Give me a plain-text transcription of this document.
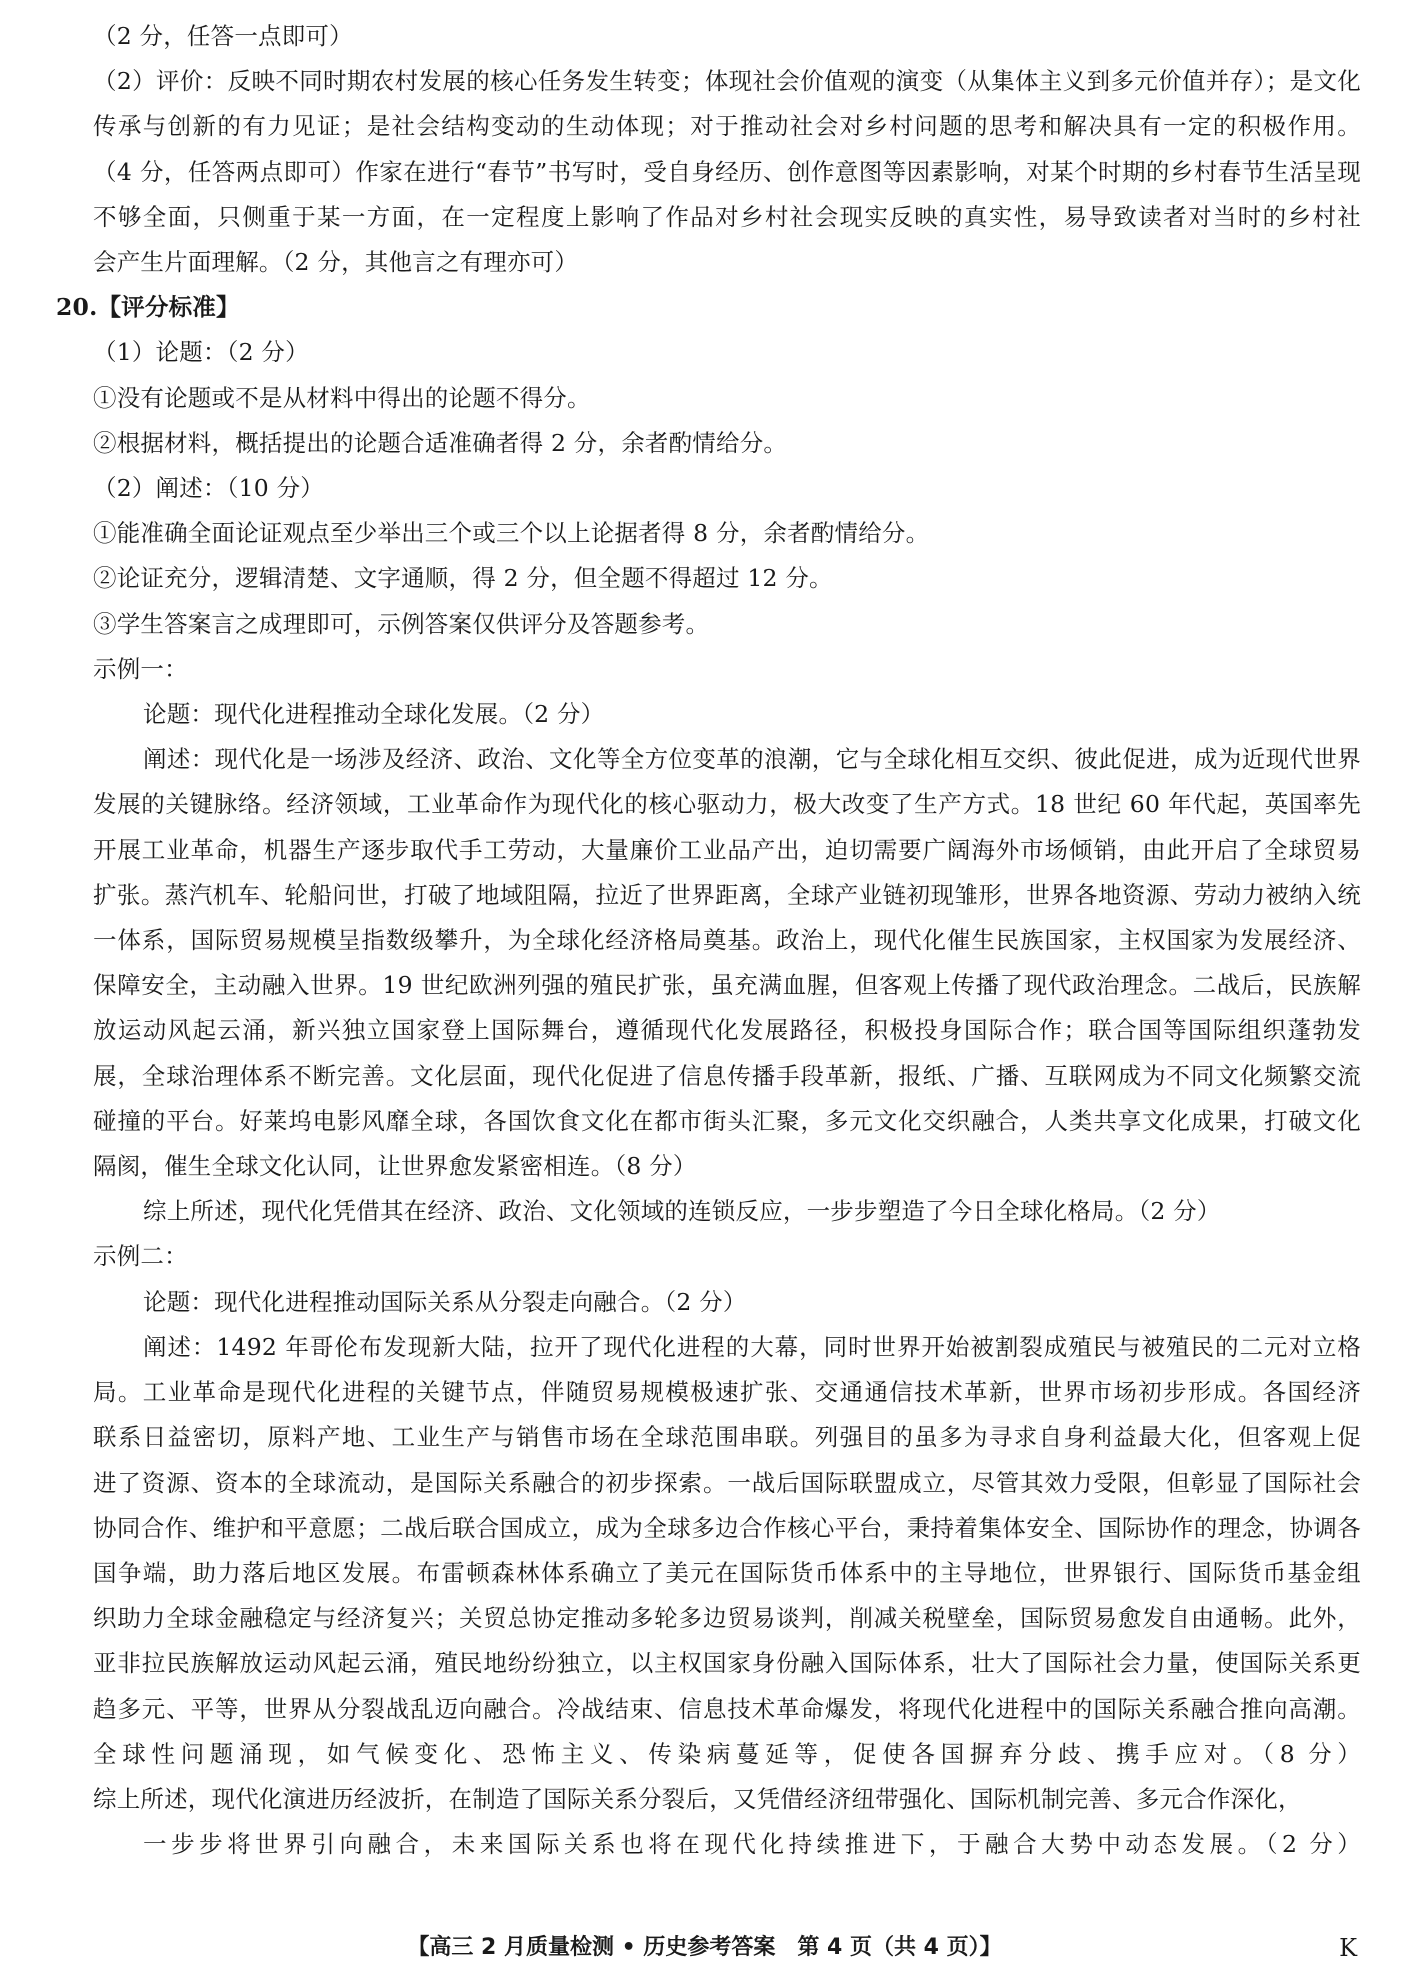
（2 分，任答一点即可）
（2）评价：反映不同时期农村发展的核心任务发生转变；体现社会价值观的演变（从集体主义到多元价值并存）；是文化
传承与创新的有力见证；是社会结构变动的生动体现；对于推动社会对乡村问题的思考和解决具有一定的积极作用。
（4 分，任答两点即可）作家在进行“春节”书写时，受自身经历、创作意图等因素影响，对某个时期的乡村春节生活呈现
不够全面，只侧重于某一方面，在一定程度上影响了作品对乡村社会现实反映的真实性，易导致读者对当时的乡村社
会产生片面理解。（2 分，其他言之有理亦可）
20.【评分标准】
（1）论题：（2 分）
①没有论题或不是从材料中得出的论题不得分。
②根据材料，概括提出的论题合适准确者得 2 分，余者酌情给分。
（2）阐述：（10 分）
①能准确全面论证观点至少举出三个或三个以上论据者得 8 分，余者酌情给分。
②论证充分，逻辑清楚、文字通顺，得 2 分，但全题不得超过 12 分。
③学生答案言之成理即可，示例答案仅供评分及答题参考。
示例一：
论题：现代化进程推动全球化发展。（2 分）
阐述：现代化是一场涉及经济、政治、文化等全方位变革的浪潮，它与全球化相互交织、彼此促进，成为近现代世界
发展的关键脉络。经济领域，工业革命作为现代化的核心驱动力，极大改变了生产方式。18 世纪 60 年代起，英国率先
开展工业革命，机器生产逐步取代手工劳动，大量廉价工业品产出，迫切需要广阔海外市场倾销，由此开启了全球贸易
扩张。蒸汽机车、轮船问世，打破了地域阻隔，拉近了世界距离，全球产业链初现雏形，世界各地资源、劳动力被纳入统
一体系，国际贸易规模呈指数级攀升，为全球化经济格局奠基。政治上，现代化催生民族国家，主权国家为发展经济、
保障安全，主动融入世界。19 世纪欧洲列强的殖民扩张，虽充满血腥，但客观上传播了现代政治理念。二战后，民族解
放运动风起云涌，新兴独立国家登上国际舞台，遵循现代化发展路径，积极投身国际合作；联合国等国际组织蓬勃发
展，全球治理体系不断完善。文化层面，现代化促进了信息传播手段革新，报纸、广播、互联网成为不同文化频繁交流
碰撞的平台。好莱坞电影风靡全球，各国饮食文化在都市街头汇聚，多元文化交织融合，人类共享文化成果，打破文化
隔阂，催生全球文化认同，让世界愈发紧密相连。（8 分）
综上所述，现代化凭借其在经济、政治、文化领域的连锁反应，一步步塑造了今日全球化格局。（2 分）
示例二：
论题：现代化进程推动国际关系从分裂走向融合。（2 分）
阐述：1492 年哥伦布发现新大陆，拉开了现代化进程的大幕，同时世界开始被割裂成殖民与被殖民的二元对立格
局。工业革命是现代化进程的关键节点，伴随贸易规模极速扩张、交通通信技术革新，世界市场初步形成。各国经济
联系日益密切，原料产地、工业生产与销售市场在全球范围串联。列强目的虽多为寻求自身利益最大化，但客观上促
进了资源、资本的全球流动，是国际关系融合的初步探索。一战后国际联盟成立，尽管其效力受限，但彰显了国际社会
协同合作、维护和平意愿；二战后联合国成立，成为全球多边合作核心平台，秉持着集体安全、国际协作的理念，协调各
国争端，助力落后地区发展。布雷顿森林体系确立了美元在国际货币体系中的主导地位，世界银行、国际货币基金组
织助力全球金融稳定与经济复兴；关贸总协定推动多轮多边贸易谈判，削减关税壁垒，国际贸易愈发自由通畅。此外，
亚非拉民族解放运动风起云涌，殖民地纷纷独立，以主权国家身份融入国际体系，壮大了国际社会力量，使国际关系更
趋多元、平等，世界从分裂战乱迈向融合。冷战结束、信息技术革命爆发，将现代化进程中的国际关系融合推向高潮。
全球性问题涌现，如气候变化、恐怖主义、传染病蔓延等，促使各国摒弃分歧、携手应对。（8 分）
综上所述，现代化演进历经波折，在制造了国际关系分裂后，又凭借经济纽带强化、国际机制完善、多元合作深化，
一步步将世界引向融合，未来国际关系也将在现代化持续推进下，于融合大势中动态发展。（2 分）
【高三 2 月质量检测 • 历史参考答案　第 4 页（共 4 页）】	K
